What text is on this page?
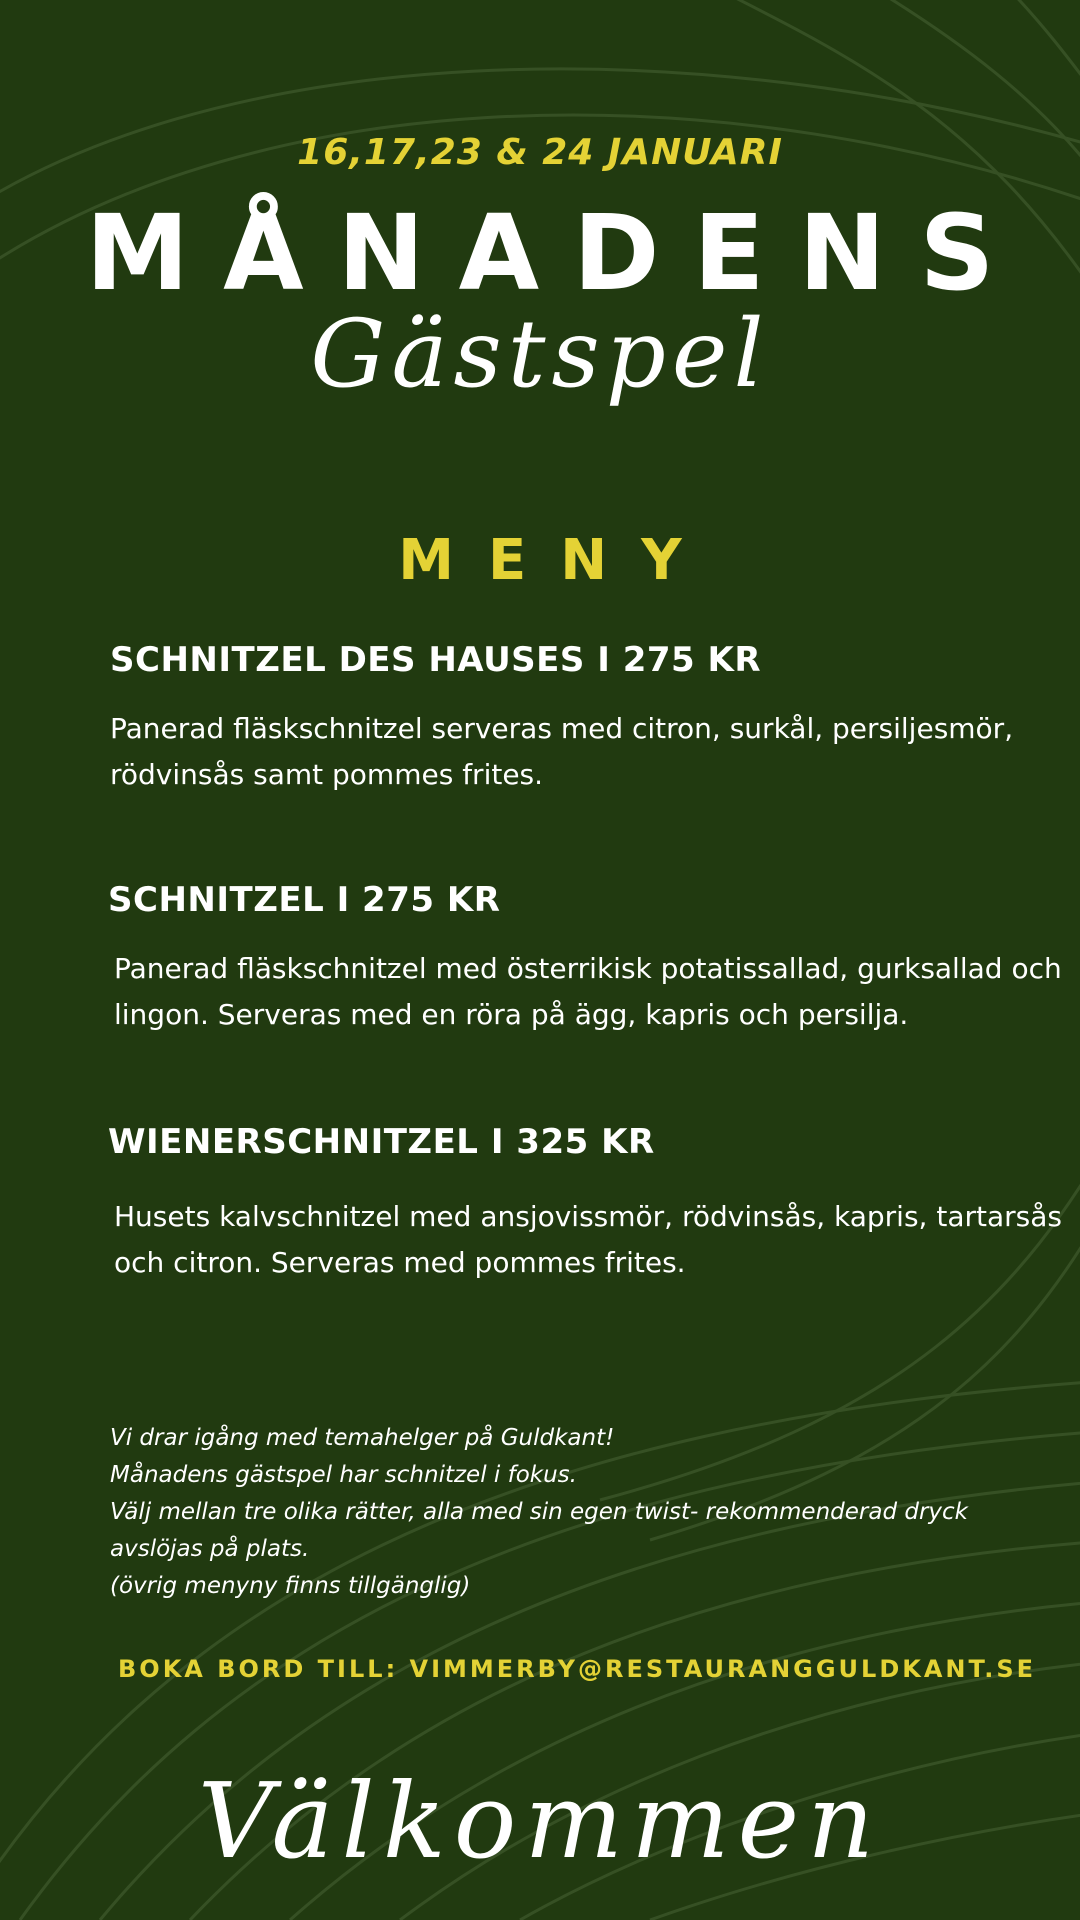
16,17,23 & 24 JANUARI
MÅNADENS
Gästspel
MENY
SCHNITZEL DES HAUSES I 275 KR
Panerad fläskschnitzel serveras med citron, surkål, persiljesmör,
rödvinsås samt pommes frites.
SCHNITZEL I 275 KR
Panerad fläskschnitzel med österrikisk potatissallad, gurksallad och
lingon. Serveras med en röra på ägg, kapris och persilja.
WIENERSCHNITZEL I 325 KR
Husets kalvschnitzel med ansjovissmör, rödvinsås, kapris, tartarsås
och citron. Serveras med pommes frites.
Vi drar igång med temahelger på Guldkant!
Månadens gästspel har schnitzel i fokus.
Välj mellan tre olika rätter, alla med sin egen twist- rekommenderad dryck
avslöjas på plats.
(övrig menyny finns tillgänglig)
BOKA BORD TILL: VIMMERBY@RESTAURANGGULDKANT.SE
Välkommen
